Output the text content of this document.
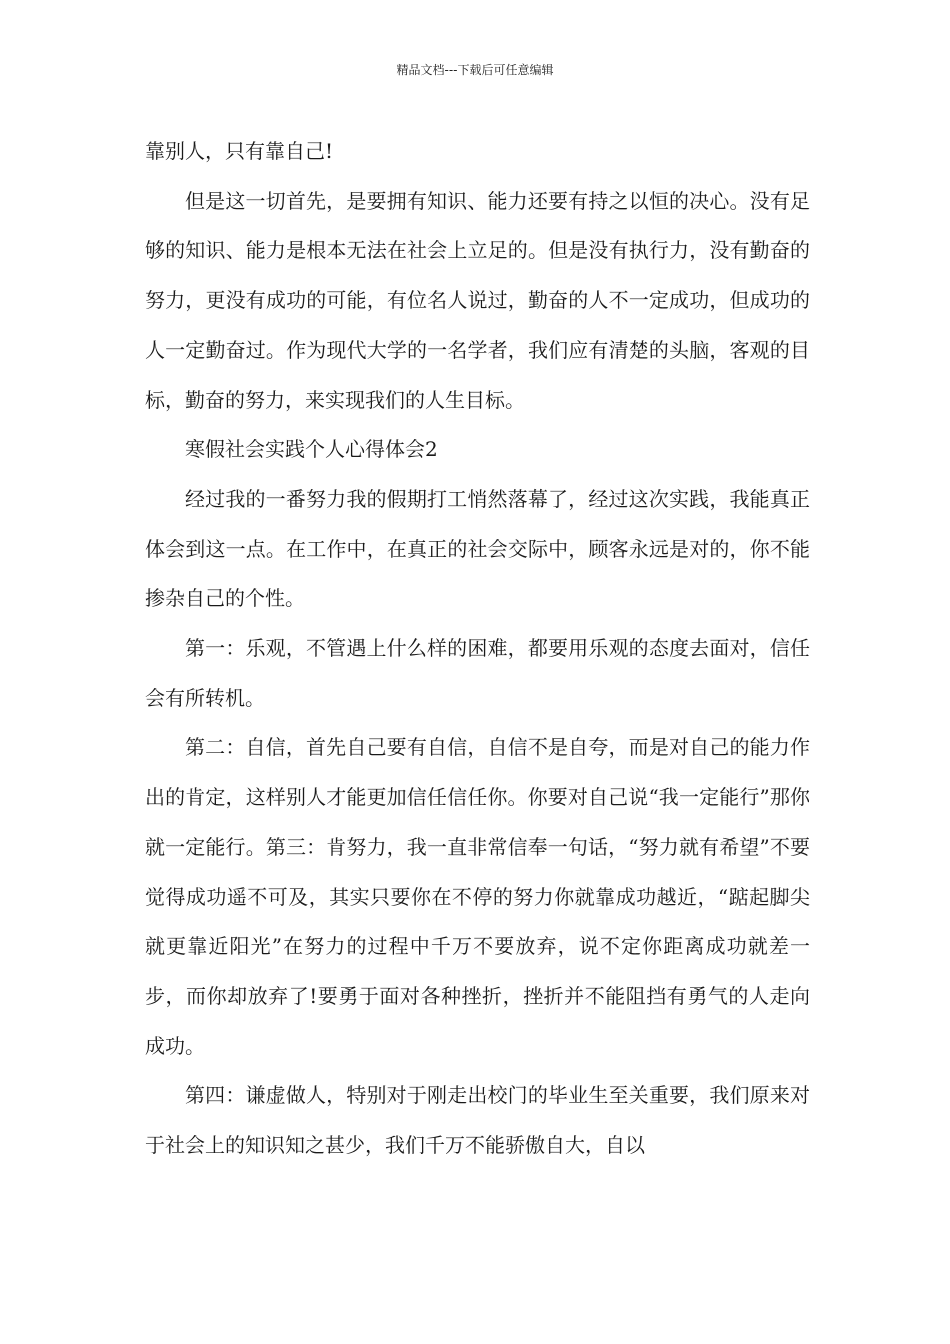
精品文档---下载后可任意编辑

靠别人，只有靠自己!

但是这一切首先，是要拥有知识、能力还要有持之以恒的决心。没有足够的知识、能力是根本无法在社会上立足的。但是没有执行力，没有勤奋的努力，更没有成功的可能，有位名人说过，勤奋的人不一定成功，但成功的人一定勤奋过。作为现代大学的一名学者，我们应有清楚的头脑，客观的目标，勤奋的努力，来实现我们的人生目标。

寒假社会实践个人心得体会2

经过我的一番努力我的假期打工悄然落幕了，经过这次实践，我能真正体会到这一点。在工作中，在真正的社会交际中，顾客永远是对的，你不能掺杂自己的个性。

第一：乐观，不管遇上什么样的困难，都要用乐观的态度去面对，信任会有所转机。

第二：自信，首先自己要有自信，自信不是自夸，而是对自己的能力作出的肯定，这样别人才能更加信任信任你。你要对自己说“我一定能行”那你就一定能行。第三：肯努力，我一直非常信奉一句话，“努力就有希望”不要觉得成功遥不可及，其实只要你在不停的努力你就靠成功越近，“踮起脚尖就更靠近阳光”在努力的过程中千万不要放弃，说不定你距离成功就差一步，而你却放弃了!要勇于面对各种挫折，挫折并不能阻挡有勇气的人走向成功。

第四：谦虚做人，特别对于刚走出校门的毕业生至关重要，我们原来对于社会上的知识知之甚少，我们千万不能骄傲自大，自以
